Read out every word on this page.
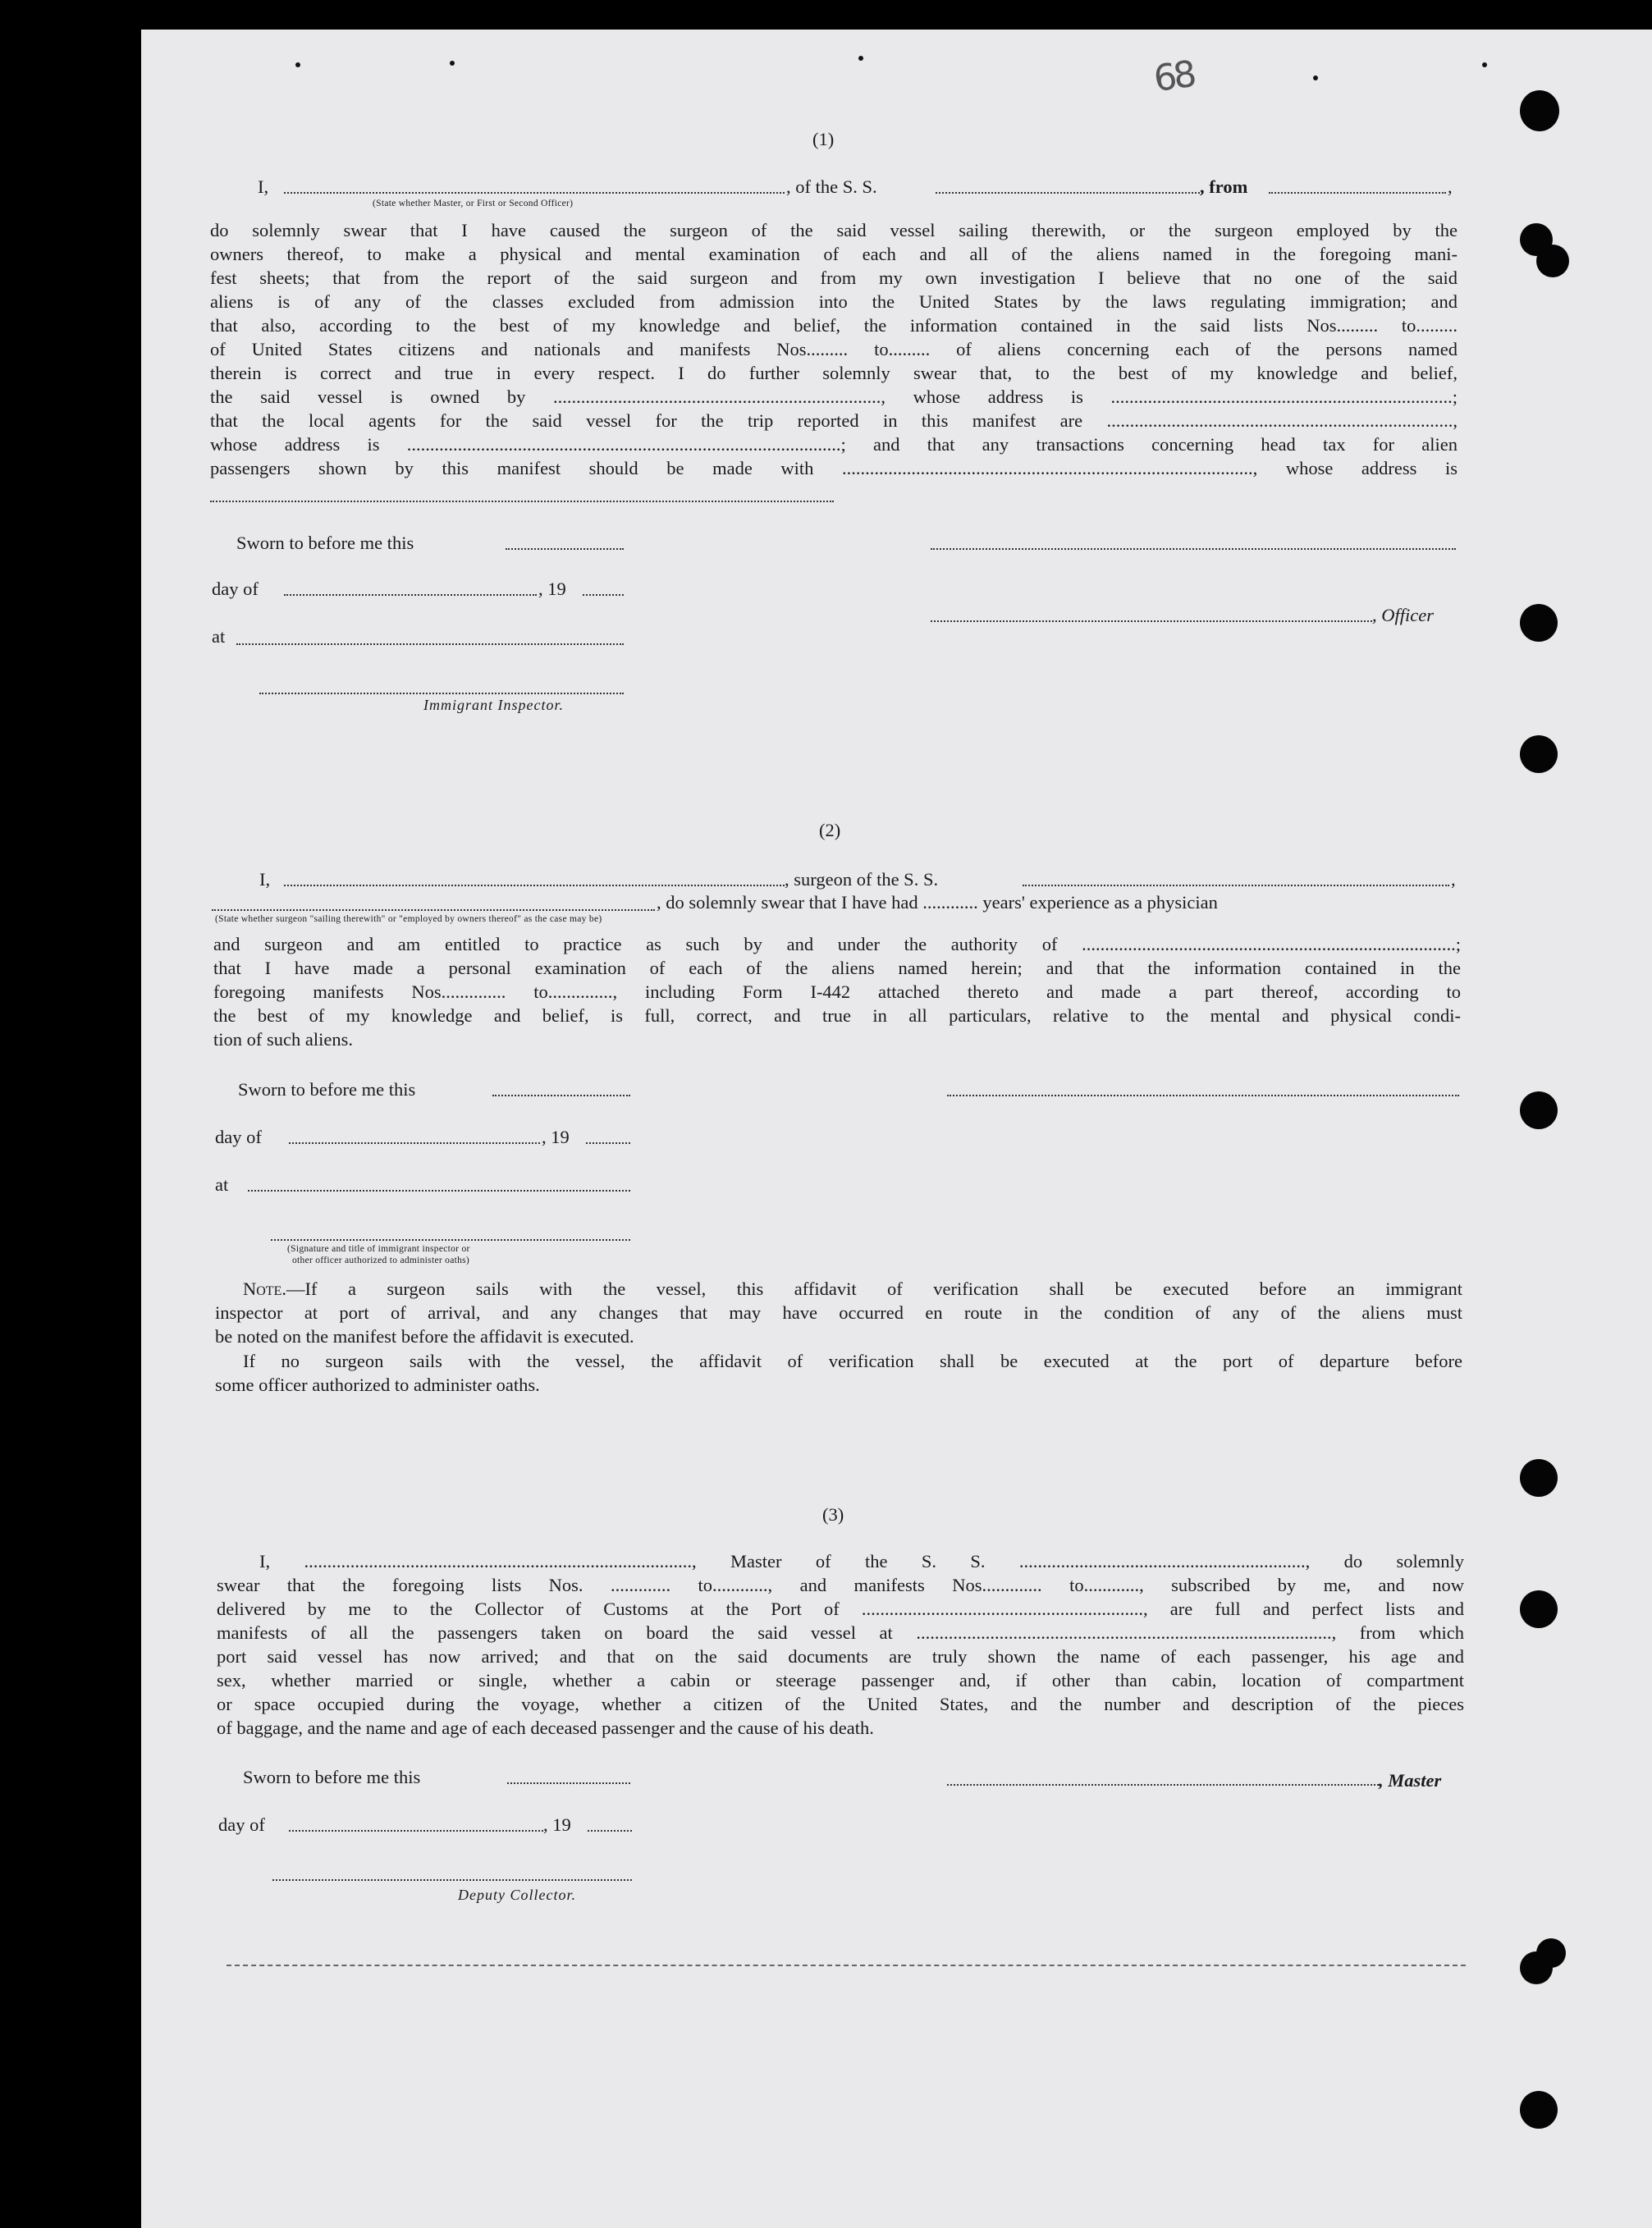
68
(1)
I,	, of the S. S.	, from	,
(State whether Master, or First or Second Officer)
do solemnly swear that I have caused the surgeon of the said vessel sailing therewith, or the surgeon employed by the
owners thereof, to make a physical and mental examination of each and all of the aliens named in the foregoing mani-
fest sheets; that from the report of the said surgeon and from my own investigation I believe that no one of the said
aliens is of any of the classes excluded from admission into the United States by the laws regulating immigration; and
that also, according to the best of my knowledge and belief, the information contained in the said lists Nos......... to.........
of United States citizens and nationals and manifests Nos......... to......... of aliens concerning each of the persons named
therein is correct and true in every respect. I do further solemnly swear that, to the best of my knowledge and belief,
the said vessel is owned by ......................................................................., whose address is ..........................................................................;
that the local agents for the said vessel for the trip reported in this manifest are ...........................................................................,
whose address is ..............................................................................................; and that any transactions concerning head tax for alien
passengers shown by this manifest should be made with ........................................................................................., whose address is
Sworn to before me this
day of	, 19
, Officer
at
Immigrant Inspector.
(2)
I,	, surgeon of the S. S.	,
, do solemnly swear that I have had ............ years' experience as a physician
(State whether surgeon "sailing therewith" or "employed by owners thereof" as the case may be)
and surgeon and am entitled to practice as such by and under the authority of .................................................................................;
that I have made a personal examination of each of the aliens named herein; and that the information contained in the
foregoing manifests Nos.............. to.............., including Form I-442 attached thereto and made a part thereof, according to
the best of my knowledge and belief, is full, correct, and true in all particulars, relative to the mental and physical condi-
tion of such aliens.
Sworn to before me this
day of	, 19
at
(Signature and title of immigrant inspector or
other officer authorized to administer oaths)
Note.—If a surgeon sails with the vessel, this affidavit of verification shall be executed before an immigrant
inspector at port of arrival, and any changes that may have occurred en route in the condition of any of the aliens must
be noted on the manifest before the affidavit is executed.
If no surgeon sails with the vessel, the affidavit of verification shall be executed at the port of departure before
some officer authorized to administer oaths.
(3)
I, ...................................................................................., Master of the S. S. .............................................................., do solemnly
swear that the foregoing lists Nos. ............. to............, and manifests Nos............. to............, subscribed by me, and now
delivered by me to the Collector of Customs at the Port of ............................................................., are full and perfect lists and
manifests of all the passengers taken on board the said vessel at .........................................................................................., from which
port said vessel has now arrived; and that on the said documents are truly shown the name of each passenger, his age and
sex, whether married or single, whether a cabin or steerage passenger and, if other than cabin, location of compartment
or space occupied during the voyage, whether a citizen of the United States, and the number and description of the pieces
of baggage, and the name and age of each deceased passenger and the cause of his death.
Sworn to before me this	, Master
day of	, 19
Deputy Collector.
